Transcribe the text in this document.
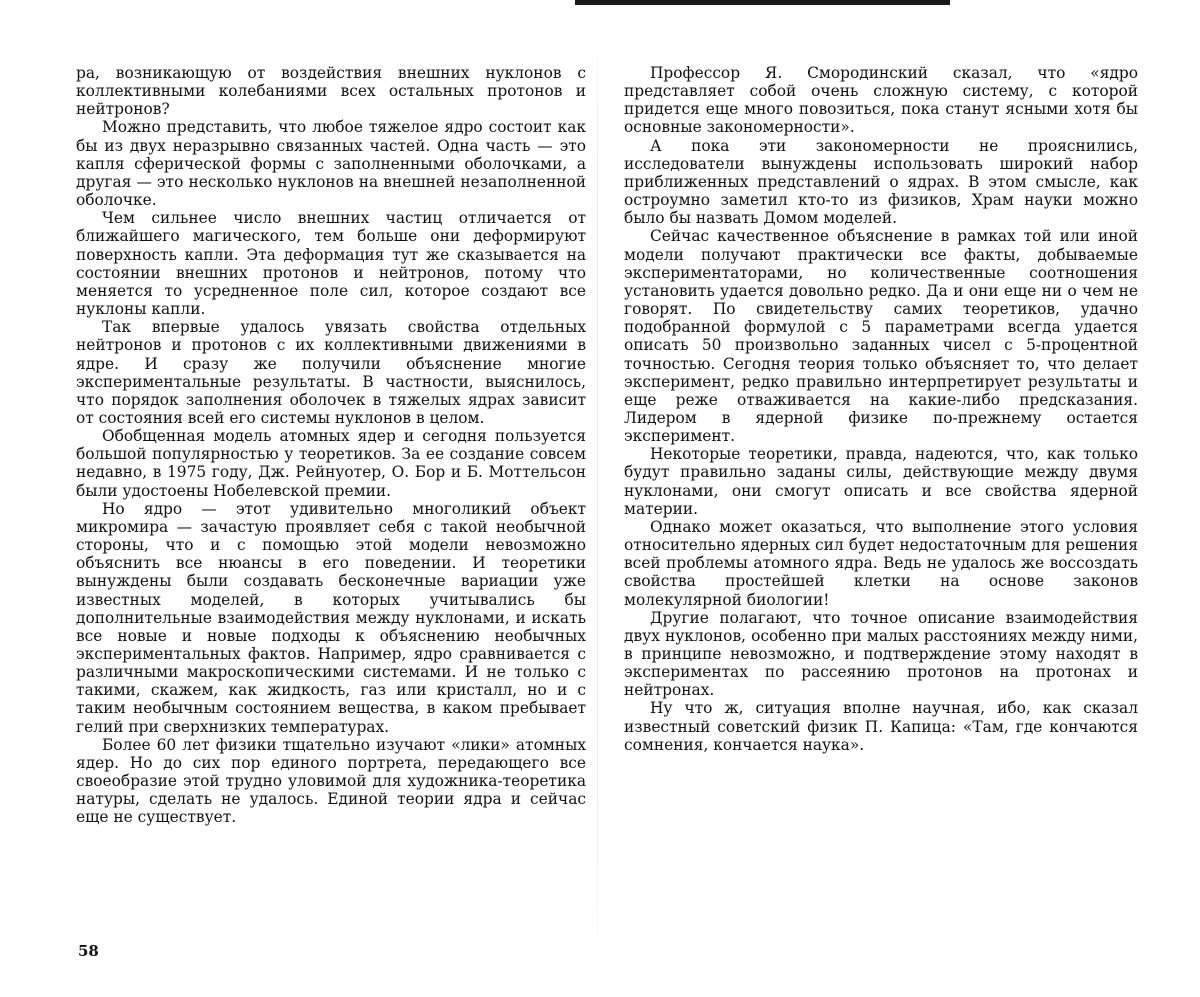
ра, возникающую от воздействия внешних нуклонов с коллективными колебаниями всех остальных протонов и нейтронов?

Можно представить, что любое тяжелое ядро состоит как бы из двух неразрывно связанных частей. Одна часть — это капля сферической формы с заполненными оболочками, а другая — это несколько нуклонов на внешней незаполненной оболочке.

Чем сильнее число внешних частиц отличается от ближайшего магического, тем больше они деформируют поверхность капли. Эта деформация тут же сказывается на состоянии внешних протонов и нейтронов, потому что меняется то усредненное поле сил, которое создают все нуклоны капли.

Так впервые удалось увязать свойства отдельных нейтронов и протонов с их коллективными движениями в ядре. И сразу же получили объяснение многие экспериментальные результаты. В частности, выяснилось, что порядок заполнения оболочек в тяжелых ядрах зависит от состояния всей его системы нуклонов в целом.

Обобщенная модель атомных ядер и сегодня пользуется большой популярностью у теоретиков. За ее создание совсем недавно, в 1975 году, Дж. Рейнуотер, О. Бор и Б. Моттельсон были удостоены Нобелевской премии.

Но ядро — этот удивительно многоликий объект микромира — зачастую проявляет себя с такой необычной стороны, что и с помощью этой модели невозможно объяснить все нюансы в его поведении. И теоретики вынуждены были создавать бесконечные вариации уже известных моделей, в которых учитывались бы дополнительные взаимодействия между нуклонами, и искать все новые и новые подходы к объяснению необычных экспериментальных фактов. Например, ядро сравнивается с различными макроскопическими системами. И не только с такими, скажем, как жидкость, газ или кристалл, но и с таким необычным состоянием вещества, в каком пребывает гелий при сверхнизких температурах.

Более 60 лет физики тщательно изучают «лики» атомных ядер. Но до сих пор единого портрета, передающего все своеобразие этой трудно уловимой для художника-теоретика натуры, сделать не удалось. Единой теории ядра и сейчас еще не существует.

58

Профессор Я. Смородинский сказал, что «ядро представляет собой очень сложную систему, с которой придется еще много повозиться, пока станут ясными хотя бы основные закономерности».

А пока эти закономерности не прояснились, исследователи вынуждены использовать широкий набор приближенных представлений о ядрах. В этом смысле, как остроумно заметил кто-то из физиков, Храм науки можно было бы назвать Домом моделей.

Сейчас качественное объяснение в рамках той или иной модели получают практически все факты, добываемые экспериментаторами, но количественные соотношения установить удается довольно редко. Да и они еще ни о чем не говорят. По свидетельству самих теоретиков, удачно подобранной формулой с 5 параметрами всегда удается описать 50 произвольно заданных чисел с 5-процентной точностью. Сегодня теория только объясняет то, что делает эксперимент, редко правильно интерпретирует результаты и еще реже отваживается на какие-либо предсказания. Лидером в ядерной физике по-прежнему остается эксперимент.

Некоторые теоретики, правда, надеются, что, как только будут правильно заданы силы, действующие между двумя нуклонами, они смогут описать и все свойства ядерной материи.

Однако может оказаться, что выполнение этого условия относительно ядерных сил будет недостаточным для решения всей проблемы атомного ядра. Ведь не удалось же воссоздать свойства простейшей клетки на основе законов молекулярной биологии!

Другие полагают, что точное описание взаимодействия двух нуклонов, особенно при малых расстояниях между ними, в принципе невозможно, и подтверждение этому находят в экспериментах по рассеянию протонов на протонах и нейтронах.

Ну что ж, ситуация вполне научная, ибо, как сказал известный советский физик П. Капица: «Там, где кончаются сомнения, кончается наука».
